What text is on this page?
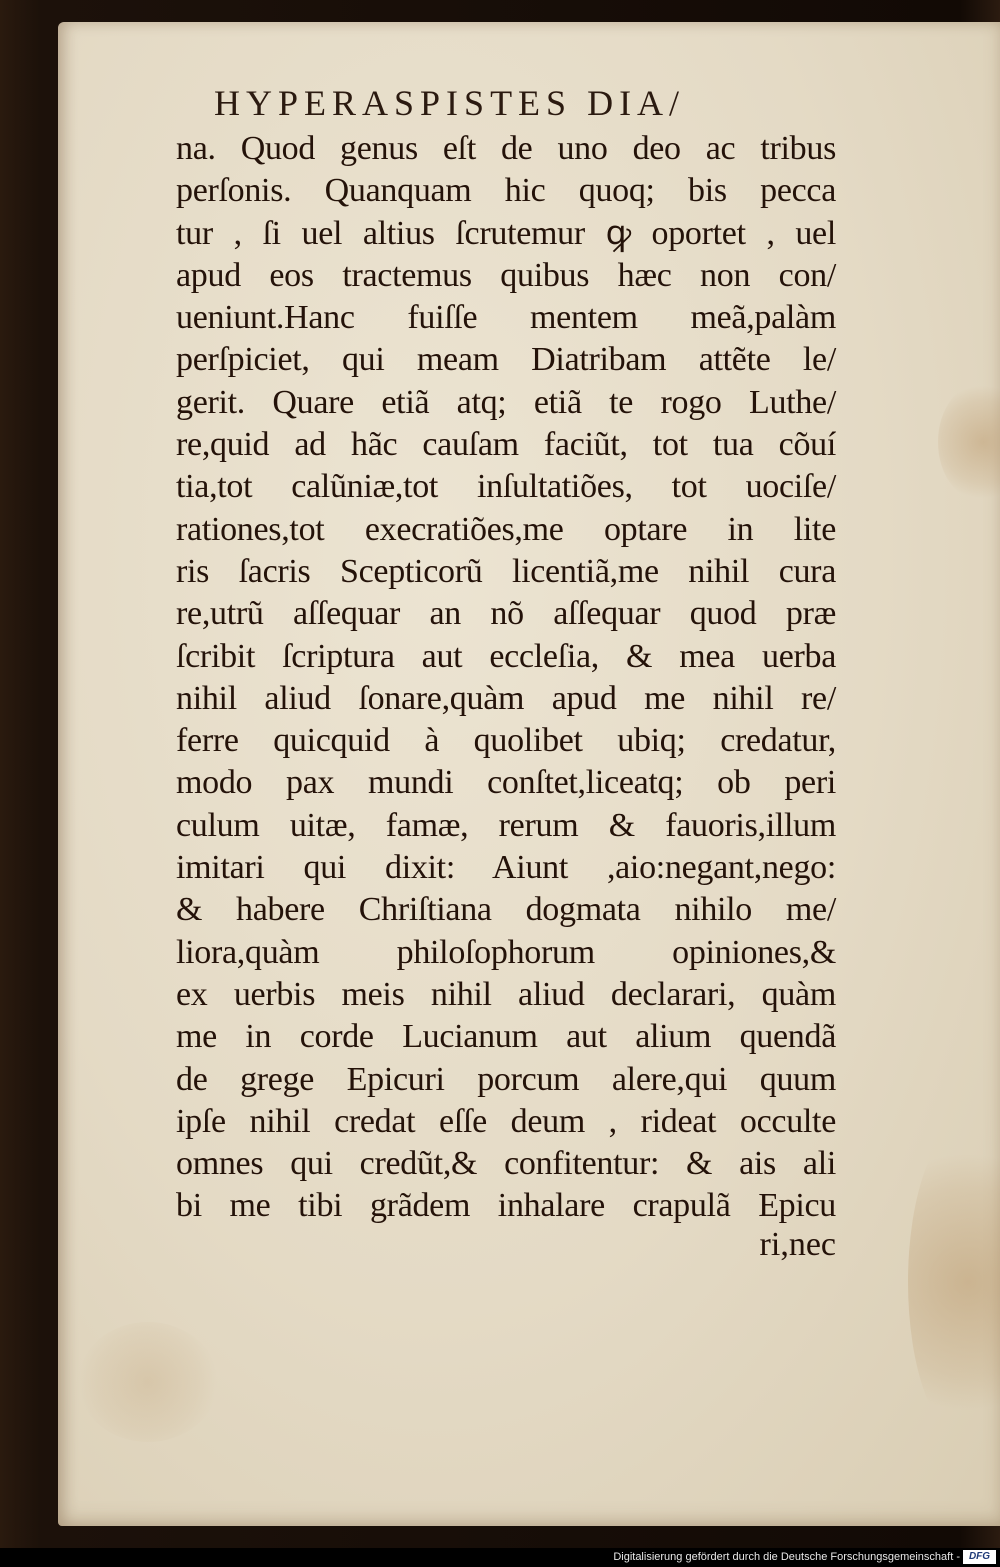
HYPERASPISTES DIA/
na. Quod genus eſt de uno deo ac tribus
perſonis. Quanquam hic quoq; bis pecca
tur , ſi uel altius ſcrutemur ꝙ oportet , uel
apud eos tractemus quibus hæc non con/
ueniunt.Hanc fuiſſe mentem meã,palàm
perſpiciet, qui meam Diatribam attẽte le/
gerit. Quare etiã atq; etiã te rogo Luthe/
re,quid ad hãc cauſam faciũt, tot tua cõuí
tia,tot calũniæ,tot inſultatiões, tot uociſe/
rationes,tot execratiões,me optare in lite
ris ſacris Scepticorũ licentiã,me nihil cura
re,utrũ aſſequar an nõ aſſequar quod præ
ſcribit ſcriptura aut eccleſia, & mea uerba
nihil aliud ſonare,quàm apud me nihil re/
ferre quicquid à quolibet ubiq; credatur,
modo pax mundi conſtet,liceatq; ob peri
culum uitæ, famæ, rerum & fauoris,illum
imitari qui dixit: Aiunt ,aio:negant,nego:
& habere Chriſtiana dogmata nihilo me/
liora,quàm philoſophorum opiniones,&
ex uerbis meis nihil aliud declarari, quàm
me in corde Lucianum aut alium quendã
de grege Epicuri porcum alere,qui quum
ipſe nihil credat eſſe deum , rideat occulte
omnes qui credũt,& confitentur: & ais ali
bi me tibi grãdem inhalare crapulã Epicu
ri,nec
Digitalisierung gefördert durch die Deutsche Forschungsgemeinschaft - DFG
